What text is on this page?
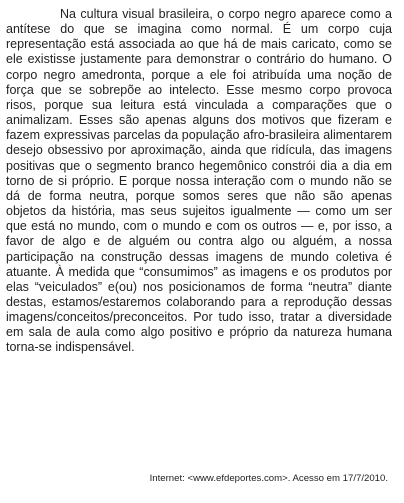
Na cultura visual brasileira, o corpo negro aparece como a antítese do que se imagina como normal. É um corpo cuja representação está associada ao que há de mais caricato, como se ele existisse justamente para demonstrar o contrário do humano. O corpo negro amedronta, porque a ele foi atribuída uma noção de força que se sobrepõe ao intelecto. Esse mesmo corpo provoca risos, porque sua leitura está vinculada a comparações que o animalizam. Esses são apenas alguns dos motivos que fizeram e fazem expressivas parcelas da população afro-brasileira alimentarem desejo obsessivo por aproximação, ainda que ridícula, das imagens positivas que o segmento branco hegemônico constrói dia a dia em torno de si próprio. E porque nossa interação com o mundo não se dá de forma neutra, porque somos seres que não são apenas objetos da história, mas seus sujeitos igualmente — como um ser que está no mundo, com o mundo e com os outros — e, por isso, a favor de algo e de alguém ou contra algo ou alguém, a nossa participação na construção dessas imagens de mundo coletiva é atuante. À medida que “consumimos” as imagens e os produtos por elas “veiculados” e(ou) nos posicionamos de forma “neutra” diante destas, estamos/estaremos colaborando para a reprodução dessas imagens/conceitos/preconceitos. Por tudo isso, tratar a diversidade em sala de aula como algo positivo e próprio da natureza humana torna-se indispensável.

Internet: <www.efdeportes.com>. Acesso em 17/7/2010.
